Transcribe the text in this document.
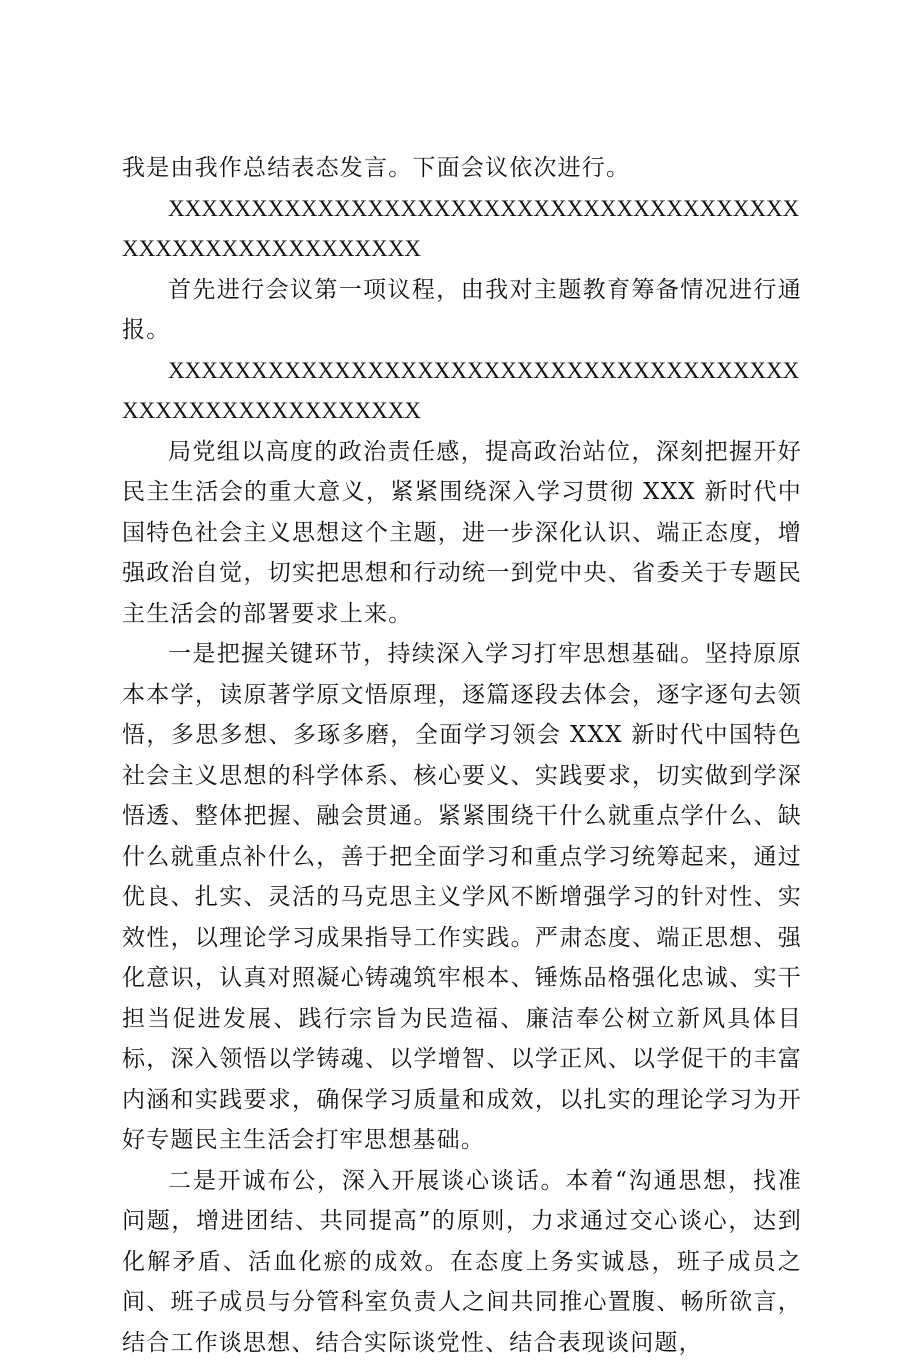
我是由我作总结表态发言。下面会议依次进行。

XXXXXXXXXXXXXXXXXXXXXXXXXXXXXXXXXXXXXXXXXXXXXXXXXXXXXXXX

首先进行会议第一项议程，由我对主题教育筹备情况进行通报。

XXXXXXXXXXXXXXXXXXXXXXXXXXXXXXXXXXXXXXXXXXXXXXXXXXXXXXXX

局党组以高度的政治责任感，提高政治站位，深刻把握开好民主生活会的重大意义，紧紧围绕深入学习贯彻 XXX 新时代中国特色社会主义思想这个主题，进一步深化认识、端正态度，增强政治自觉，切实把思想和行动统一到党中央、省委关于专题民主生活会的部署要求上来。

一是把握关键环节，持续深入学习打牢思想基础。坚持原原本本学，读原著学原文悟原理，逐篇逐段去体会，逐字逐句去领悟，多思多想、多琢多磨，全面学习领会 XXX 新时代中国特色社会主义思想的科学体系、核心要义、实践要求，切实做到学深悟透、整体把握、融会贯通。紧紧围绕干什么就重点学什么、缺什么就重点补什么，善于把全面学习和重点学习统筹起来，通过优良、扎实、灵活的马克思主义学风不断增强学习的针对性、实效性，以理论学习成果指导工作实践。严肃态度、端正思想、强化意识，认真对照凝心铸魂筑牢根本、锤炼品格强化忠诚、实干担当促进发展、践行宗旨为民造福、廉洁奉公树立新风具体目标，深入领悟以学铸魂、以学增智、以学正风、以学促干的丰富内涵和实践要求，确保学习质量和成效，以扎实的理论学习为开好专题民主生活会打牢思想基础。

二是开诚布公，深入开展谈心谈话。本着“沟通思想，找准问题，增进团结、共同提高”的原则，力求通过交心谈心，达到化解矛盾、活血化瘀的成效。在态度上务实诚恳，班子成员之间、班子成员与分管科室负责人之间共同推心置腹、畅所欲言，结合工作谈思想、结合实际谈党性、结合表现谈问题，
